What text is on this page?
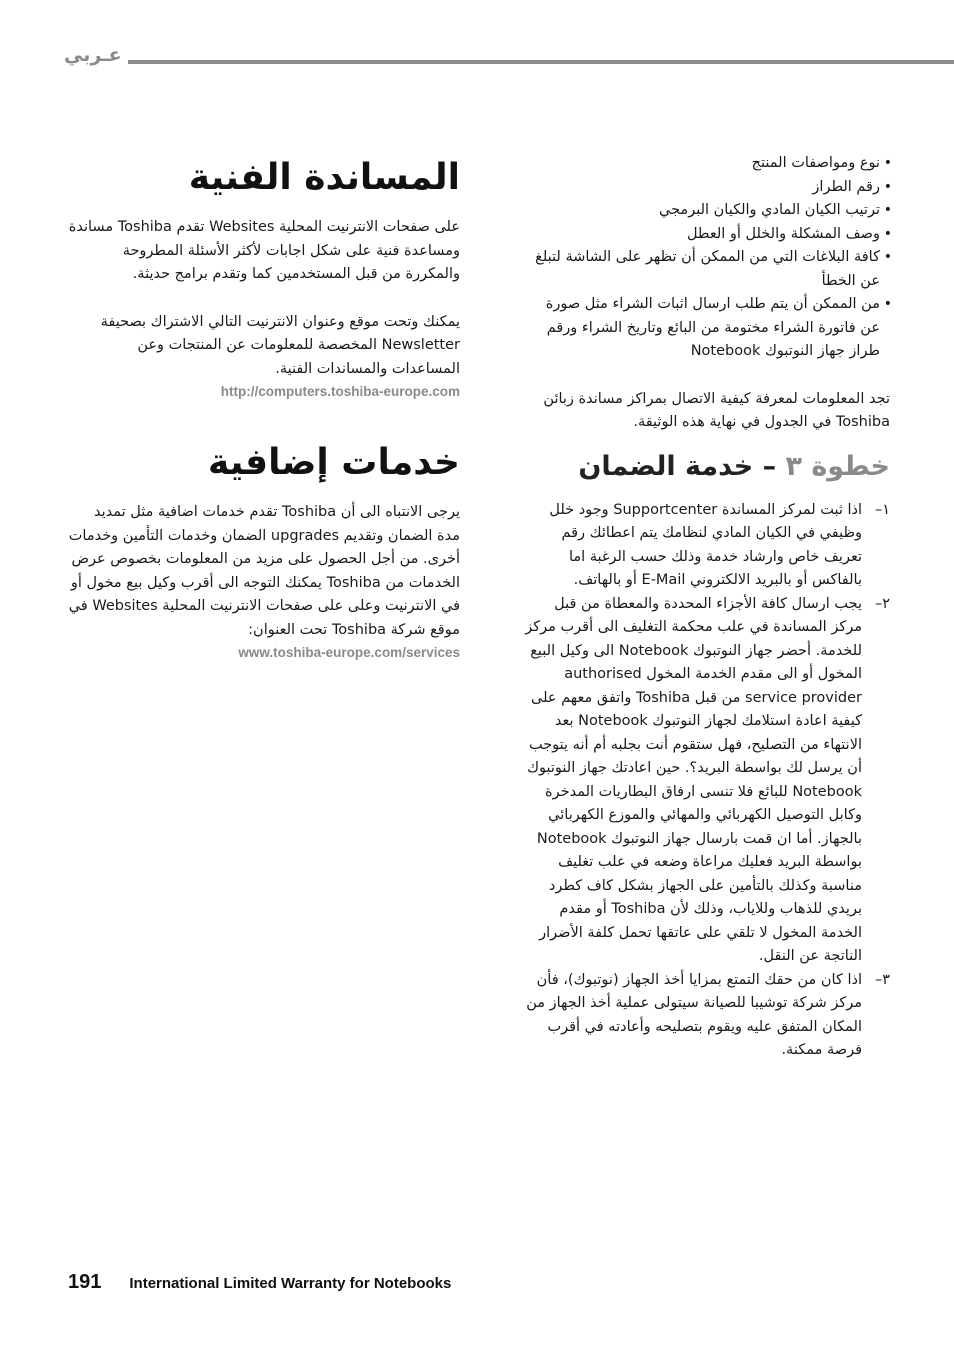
عـربي
المساندة الفنية

على صفحات الانترنيت المحلية Websites تقدم Toshiba مساندة ومساعدة فنية على شكل اجابات لأكثر الأسئلة المطروحة والمكررة من قبل المستخدمين كما وتقدم برامج حديثة.

يمكنك وتحت موقع وعنوان الانترنيت التالي الاشتراك بصحيفة Newsletter المخصصة للمعلومات عن المنتجات وعن المساعدات والمساندات الفنية.

http://computers.toshiba-europe.com
خدمات إضافية

يرجى الانتباه الى أن Toshiba تقدم خدمات اضافية مثل تمديد مدة الضمان وتقديم upgrades الضمان وخدمات التأمين وخدمات أخرى. من أجل الحصول على مزيد من المعلومات بخصوص عرض الخدمات من Toshiba يمكنك التوجه الى أقرب وكيل بيع مخول أو في الانترنيت وعلى على صفحات الانترنيت المحلية Websites في موقع شركة Toshiba تحت العنوان:

www.toshiba-europe.com/services
• نوع ومواصفات المنتج
• رقم الطراز
• ترتيب الكيان المادي والكيان البرمجي
• وصف المشكلة والخلل أو العطل
• كافة البلاغات التي من الممكن أن تظهر على الشاشة لتبلغ عن الخطأ
• من الممكن أن يتم طلب ارسال اثبات الشراء مثل صورة عن فاتورة الشراء مختومة من البائع وتاريخ الشراء ورقم طراز جهاز النوتبوك Notebook

تجد المعلومات لمعرفة كيفية الاتصال بمراكز مساندة زبائن Toshiba في الجدول في نهاية هذه الوثيقة.

خطوة ٣ – خدمة الضمان
١–
اذا ثبت لمركز المساندة Supportcenter وجود خلل وظيفي في الكيان المادي لنظامك يتم اعطائك رقم تعريف خاص وارشاد خدمة وذلك حسب الرغبة اما بالفاكس أو بالبريد الالكتروني E-Mail أو بالهاتف.
٢–
يجب ارسال كافة الأجزاء المحددة والمعطاة من قبل مركز المساندة في علب محكمة التغليف الى أقرب مركز للخدمة. أحضر جهاز النوتبوك Notebook الى وكيل البيع المخول أو الى مقدم الخدمة المخول authorised service provider من قبل Toshiba واتفق معهم على كيفية اعادة استلامك لجهاز النوتبوك Notebook بعد الانتهاء من التصليح، فهل ستقوم أنت بجلبه أم أنه يتوجب أن يرسل لك بواسطة البريد؟. حين اعادتك جهاز النوتبوك Notebook للبائع فلا تنسى ارفاق البطاريات المدخرة وكابل التوصيل الكهربائي والمهائي والموزع الكهربائي بالجهاز. أما ان قمت بارسال جهاز النوتبوك Notebook بواسطة البريد فعليك مراعاة وضعه في علب تغليف مناسبة وكذلك بالتأمين على الجهاز بشكل كاف كطرد بريدي للذهاب وللاياب، وذلك لأن Toshiba أو مقدم الخدمة المخول لا تلقي على عاتقها تحمل كلفة الأضرار الناتجة عن النقل.
٣–
اذا كان من حقك التمتع بمزايا أخذ الجهاز (نوتبوك)، فأن مركز شركة توشيبا للصيانة سيتولى عملية أخذ الجهاز من المكان المتفق عليه ويقوم بتصليحه وأعادته في أقرب فرصة ممكنة.
191 International Limited Warranty for Notebooks
